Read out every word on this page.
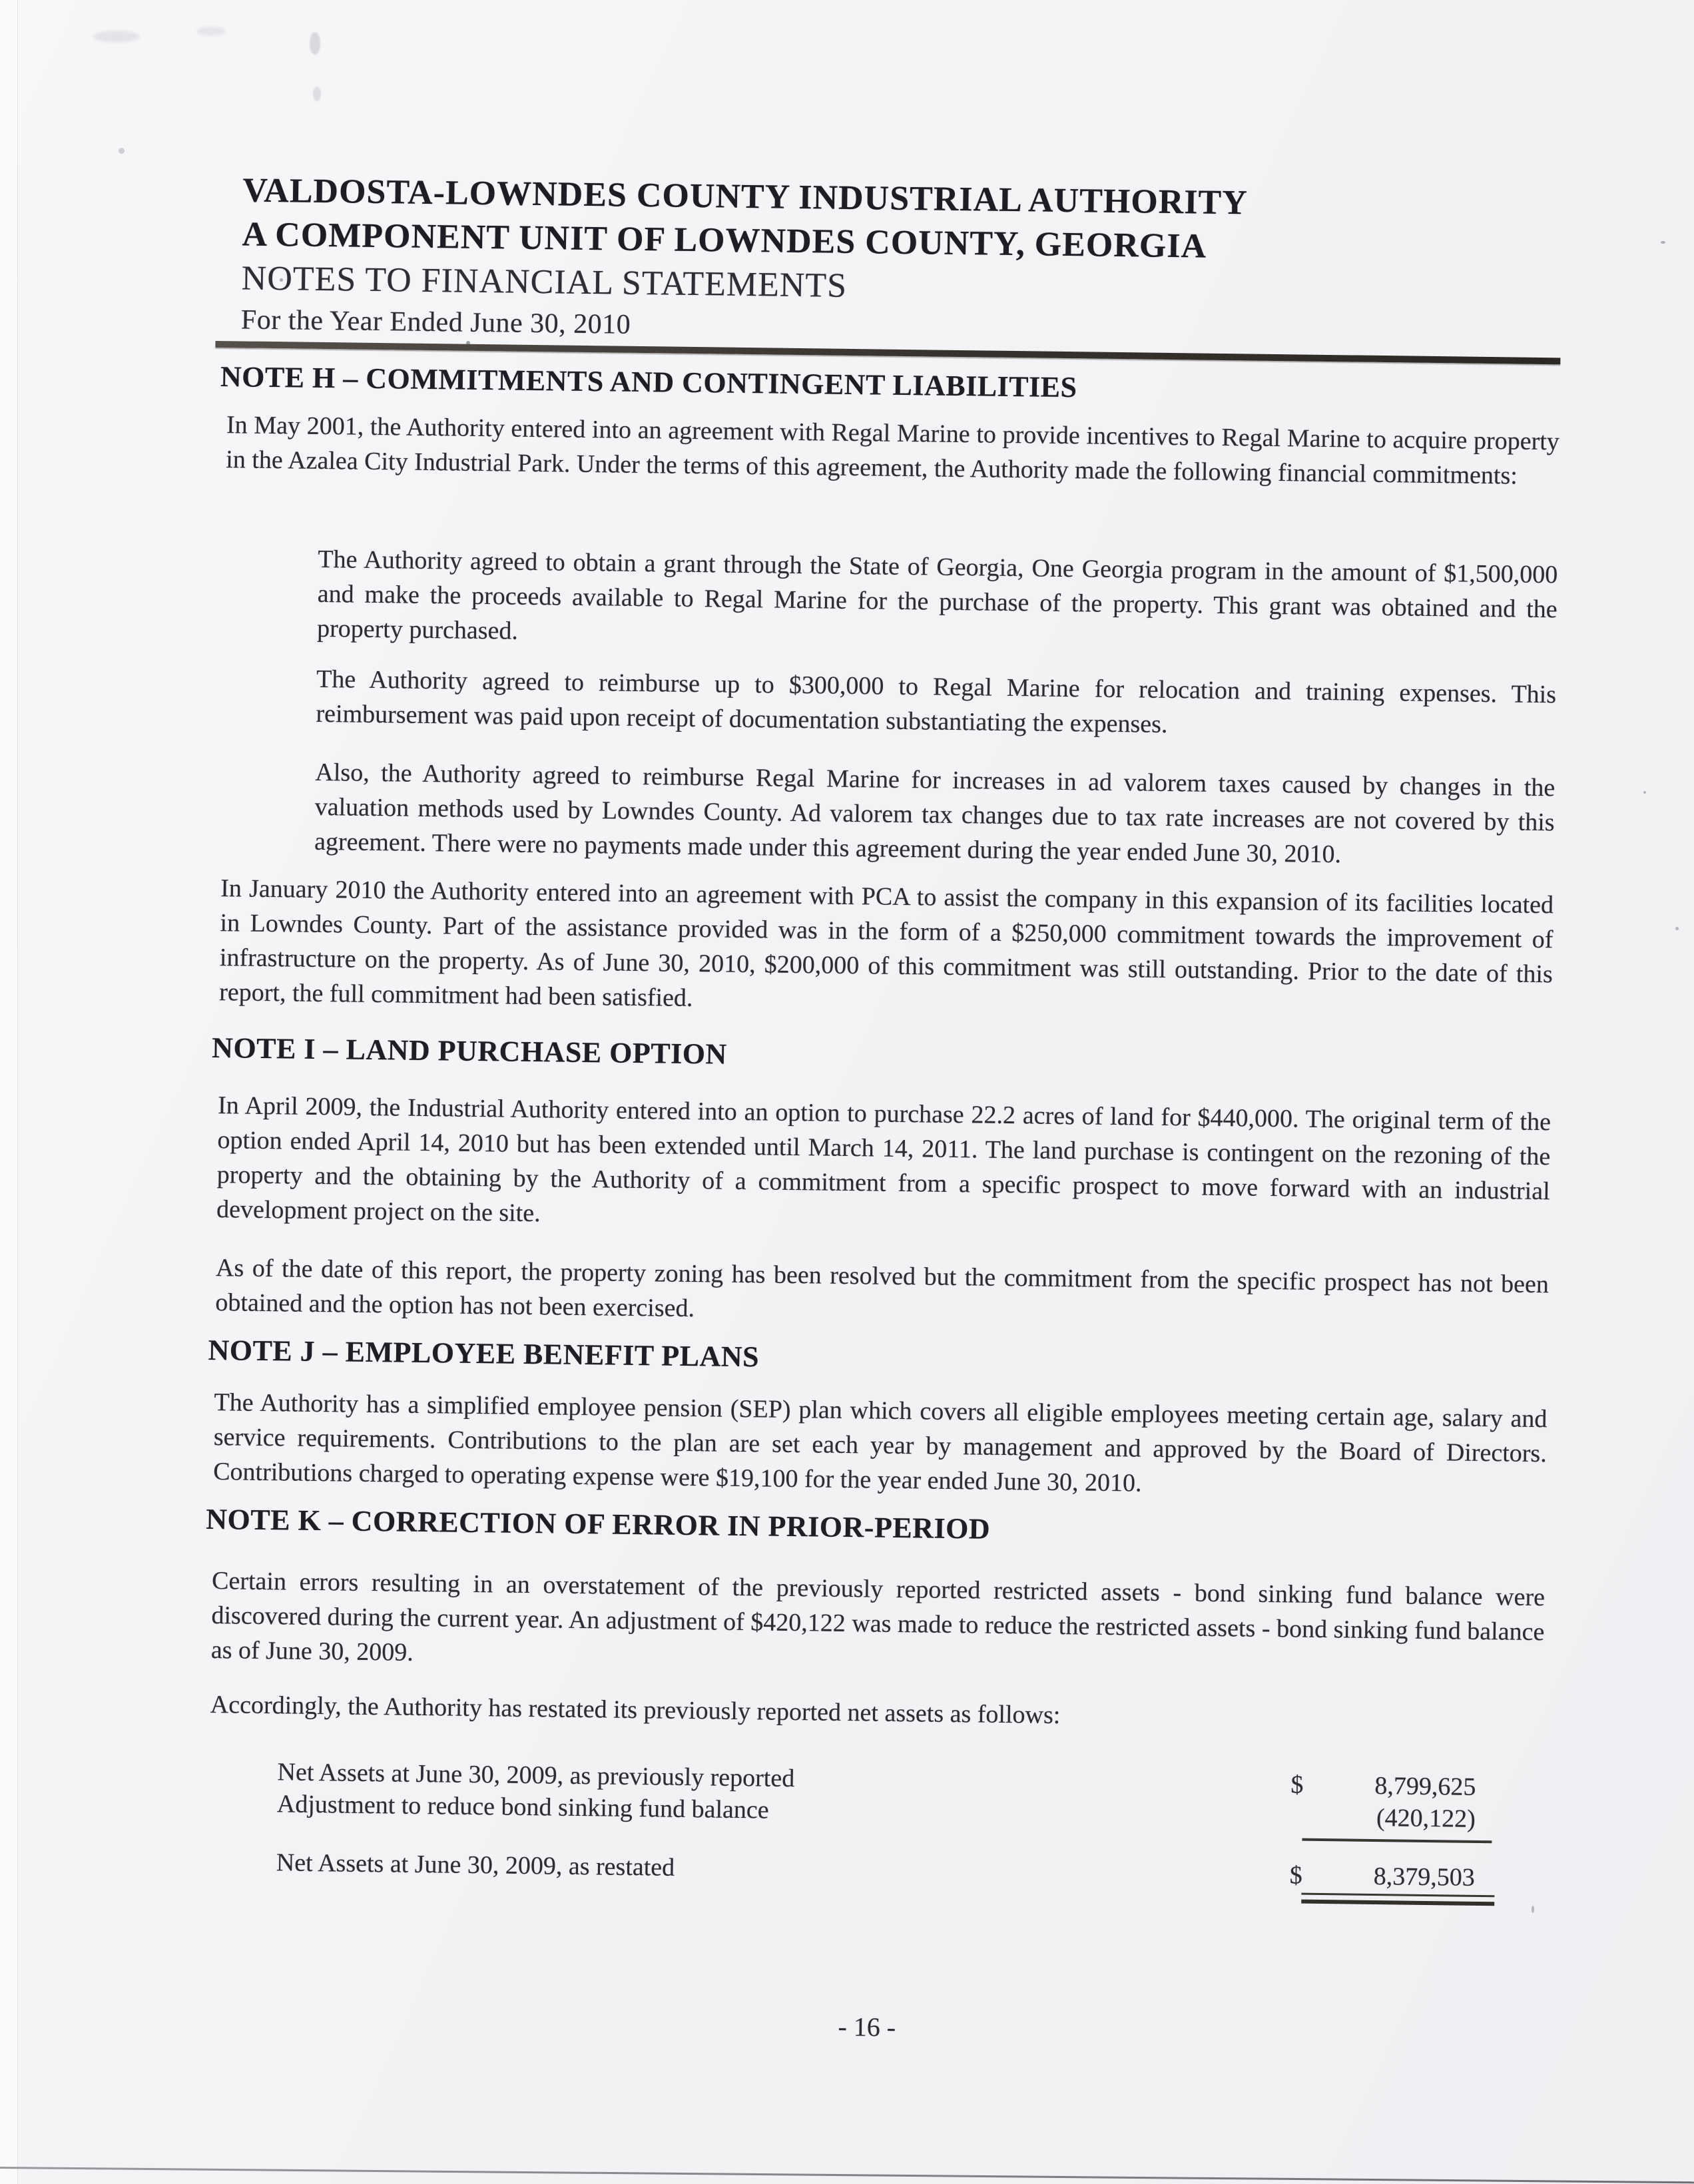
VALDOSTA-LOWNDES COUNTY INDUSTRIAL AUTHORITY
A COMPONENT UNIT OF LOWNDES COUNTY, GEORGIA
NOTES TO FINANCIAL STATEMENTS
For the Year Ended June 30, 2010
NOTE H – COMMITMENTS AND CONTINGENT LIABILITIES
In May 2001, the Authority entered into an agreement with Regal Marine to provide incentives to Regal Marine to acquire property in the Azalea City Industrial Park. Under the terms of this agreement, the Authority made the following financial commitments:
The Authority agreed to obtain a grant through the State of Georgia, One Georgia program in the amount of $1,500,000 and make the proceeds available to Regal Marine for the purchase of the property. This grant was obtained and the property purchased.
The Authority agreed to reimburse up to $300,000 to Regal Marine for relocation and training expenses. This reimbursement was paid upon receipt of documentation substantiating the expenses.
Also, the Authority agreed to reimburse Regal Marine for increases in ad valorem taxes caused by changes in the valuation methods used by Lowndes County. Ad valorem tax changes due to tax rate increases are not covered by this agreement. There were no payments made under this agreement during the year ended June 30, 2010.
In January 2010 the Authority entered into an agreement with PCA to assist the company in this expansion of its facilities located in Lowndes County. Part of the assistance provided was in the form of a $250,000 commitment towards the improvement of infrastructure on the property. As of June 30, 2010, $200,000 of this commitment was still outstanding. Prior to the date of this report, the full commitment had been satisfied.
NOTE I – LAND PURCHASE OPTION
In April 2009, the Industrial Authority entered into an option to purchase 22.2 acres of land for $440,000. The original term of the option ended April 14, 2010 but has been extended until March 14, 2011. The land purchase is contingent on the rezoning of the property and the obtaining by the Authority of a commitment from a specific prospect to move forward with an industrial development project on the site.
As of the date of this report, the property zoning has been resolved but the commitment from the specific prospect has not been obtained and the option has not been exercised.
NOTE J – EMPLOYEE BENEFIT PLANS
The Authority has a simplified employee pension (SEP) plan which covers all eligible employees meeting certain age, salary and service requirements. Contributions to the plan are set each year by management and approved by the Board of Directors. Contributions charged to operating expense were $19,100 for the year ended June 30, 2010.
NOTE K – CORRECTION OF ERROR IN PRIOR-PERIOD
Certain errors resulting in an overstatement of the previously reported restricted assets - bond sinking fund balance were discovered during the current year. An adjustment of $420,122 was made to reduce the restricted assets - bond sinking fund balance as of June 30, 2009.
Accordingly, the Authority has restated its previously reported net assets as follows:
Net Assets at June 30, 2009, as previously reported	$	8,799,625
Adjustment to reduce bond sinking fund balance	(420,122)
Net Assets at June 30, 2009, as restated	$	8,379,503
- 16 -
